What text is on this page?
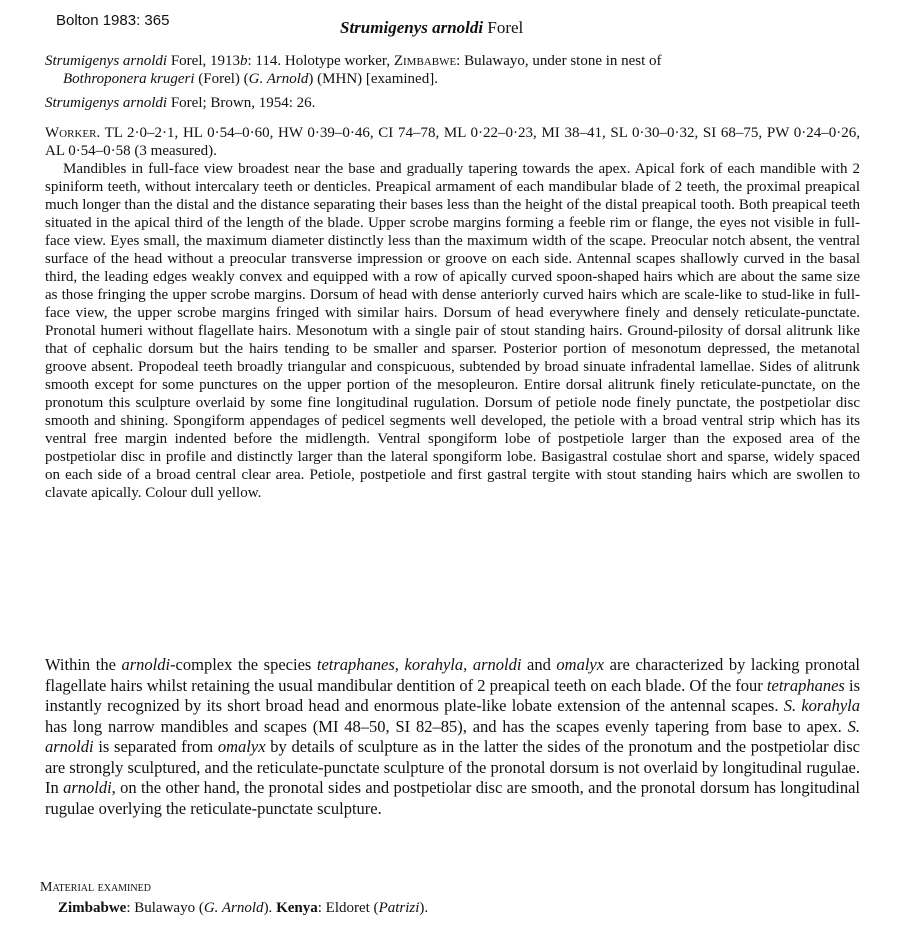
Bolton 1983: 365	Strumigenys arnoldi Forel
Strumigenys arnoldi Forel, 1913b: 114. Holotype worker, Zimbabwe: Bulawayo, under stone in nest of
Bothroponera krugeri (Forel) (G. Arnold) (MHN) [examined].
Strumigenys arnoldi Forel; Brown, 1954: 26.

Worker. TL 2·0–2·1, HL 0·54–0·60, HW 0·39–0·46, CI 74–78, ML 0·22–0·23, MI 38–41, SL 0·30–0·32, SI 68–75, PW 0·24–0·26, AL 0·54–0·58 (3 measured).

Mandibles in full-face view broadest near the base and gradually tapering towards the apex. Apical fork of each mandible with 2 spiniform teeth, without intercalary teeth or denticles. Preapical armament of each mandibular blade of 2 teeth, the proximal preapical much longer than the distal and the distance separating their bases less than the height of the distal preapical tooth. Both preapical teeth situated in the apical third of the length of the blade. Upper scrobe margins forming a feeble rim or flange, the eyes not visible in full-face view. Eyes small, the maximum diameter distinctly less than the maximum width of the scape. Preocular notch absent, the ventral surface of the head without a preocular transverse impression or groove on each side. Antennal scapes shallowly curved in the basal third, the leading edges weakly convex and equipped with a row of apically curved spoon-shaped hairs which are about the same size as those fringing the upper scrobe margins. Dorsum of head with dense anteriorly curved hairs which are scale-like to stud-like in full-face view, the upper scrobe margins fringed with similar hairs. Dorsum of head everywhere finely and densely reticulate-punctate. Pronotal humeri without flagellate hairs. Mesonotum with a single pair of stout standing hairs. Ground-pilosity of dorsal alitrunk like that of cephalic dorsum but the hairs tending to be smaller and sparser. Posterior portion of mesonotum depressed, the metanotal groove absent. Propodeal teeth broadly triangular and conspicuous, subtended by broad sinuate infradental lamellae. Sides of alitrunk smooth except for some punctures on the upper portion of the mesopleuron. Entire dorsal alitrunk finely reticulate-punctate, on the pronotum this sculpture overlaid by some fine longitudinal rugulation. Dorsum of petiole node finely punctate, the postpetiolar disc smooth and shining. Spongiform appendages of pedicel segments well developed, the petiole with a broad ventral strip which has its ventral free margin indented before the midlength. Ventral spongiform lobe of postpetiole larger than the exposed area of the postpetiolar disc in profile and distinctly larger than the lateral spongiform lobe. Basigastral costulae short and sparse, widely spaced on each side of a broad central clear area. Petiole, postpetiole and first gastral tergite with stout standing hairs which are swollen to clavate apically. Colour dull yellow.

Within the arnoldi-complex the species tetraphanes, korahyla, arnoldi and omalyx are characterized by lacking pronotal flagellate hairs whilst retaining the usual mandibular dentition of 2 preapical teeth on each blade. Of the four tetraphanes is instantly recognized by its short broad head and enormous plate-like lobate extension of the antennal scapes. S. korahyla has long narrow mandibles and scapes (MI 48–50, SI 82–85), and has the scapes evenly tapering from base to apex. S. arnoldi is separated from omalyx by details of sculpture as in the latter the sides of the pronotum and the postpetiolar disc are strongly sculptured, and the reticulate-punctate sculpture of the pronotal dorsum is not overlaid by longitudinal rugulae. In arnoldi, on the other hand, the pronotal sides and postpetiolar disc are smooth, and the pronotal dorsum has longitudinal rugulae overlying the reticulate-punctate sculpture.
Material examined
Zimbabwe: Bulawayo (G. Arnold). Kenya: Eldoret (Patrizi).
